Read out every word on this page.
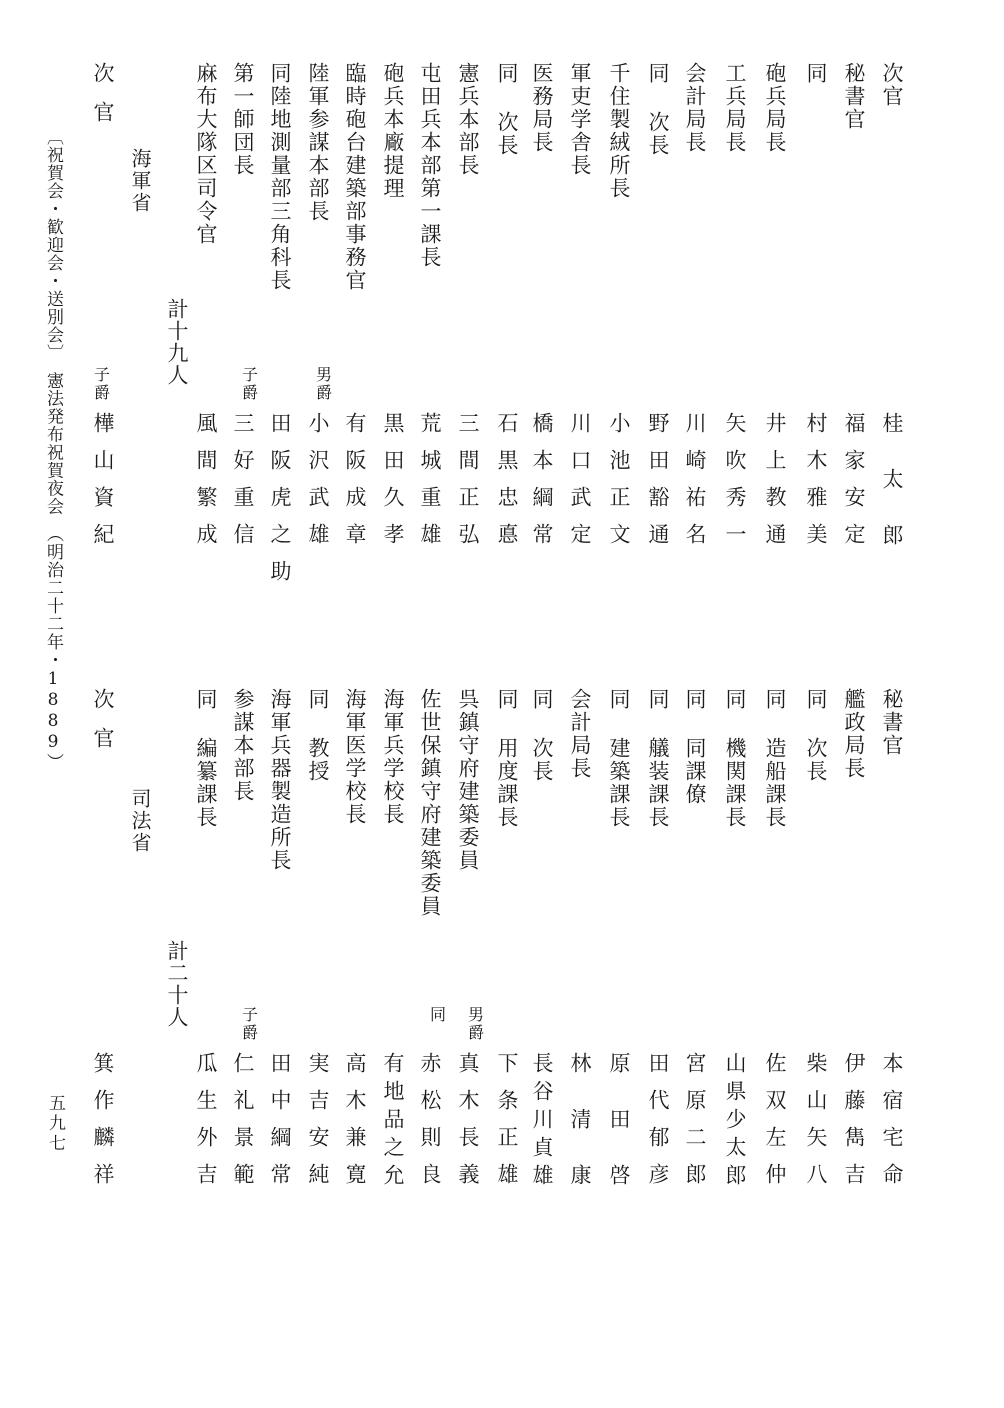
次官
秘書官
同
砲兵局長
工兵局長
会計局長
同 次長
千住製絨所長
軍吏学舎長
医務局長
同 次長
憲兵本部長
屯田兵本部第一課長
砲兵本廠提理
臨時砲台建築部事務官
陸軍参謀本部長
同陸地測量部三角科長
第一師団長
麻布大隊区司令官
桂太郎
福家安定
村木雅美
井上教通
矢吹秀一
川崎祐名
野田豁通
小池正文
川口武定
橋本綱常
石黒忠悳
三間正弘
荒城重雄
黒田久孝
有阪成章
小沢武雄
田阪虎之助
三好重信
風間繁成
男爵
子爵
計十九人
海軍省
次官
子爵
樺山資紀
秘書官
艦政局長
同 次長
同 造船課長
同 機関課長
同 同課僚
同 艤装課長
同 建築課長
会計局長
同 次長
同 用度課長
呉鎮守府建築委員
佐世保鎮守府建築委員
海軍兵学校長
海軍医学校長
同 教授
海軍兵器製造所長
参謀本部長
同 編纂課長
本宿宅命
伊藤雋吉
柴山矢八
佐双左仲
山県少太郎
宮原二郎
田代郁彦
原田啓
林清康
長谷川貞雄
下条正雄
真木長義
赤松則良
有地品之允
高木兼寛
実吉安純
田中綱常
仁礼景範
瓜生外吉
男爵
同
子爵
計二十人
司法省
次官
箕作麟祥
〔祝賀会・歓迎会・送別会〕　憲法発布祝賀夜会　（明治二十二年・1889）
五九七
